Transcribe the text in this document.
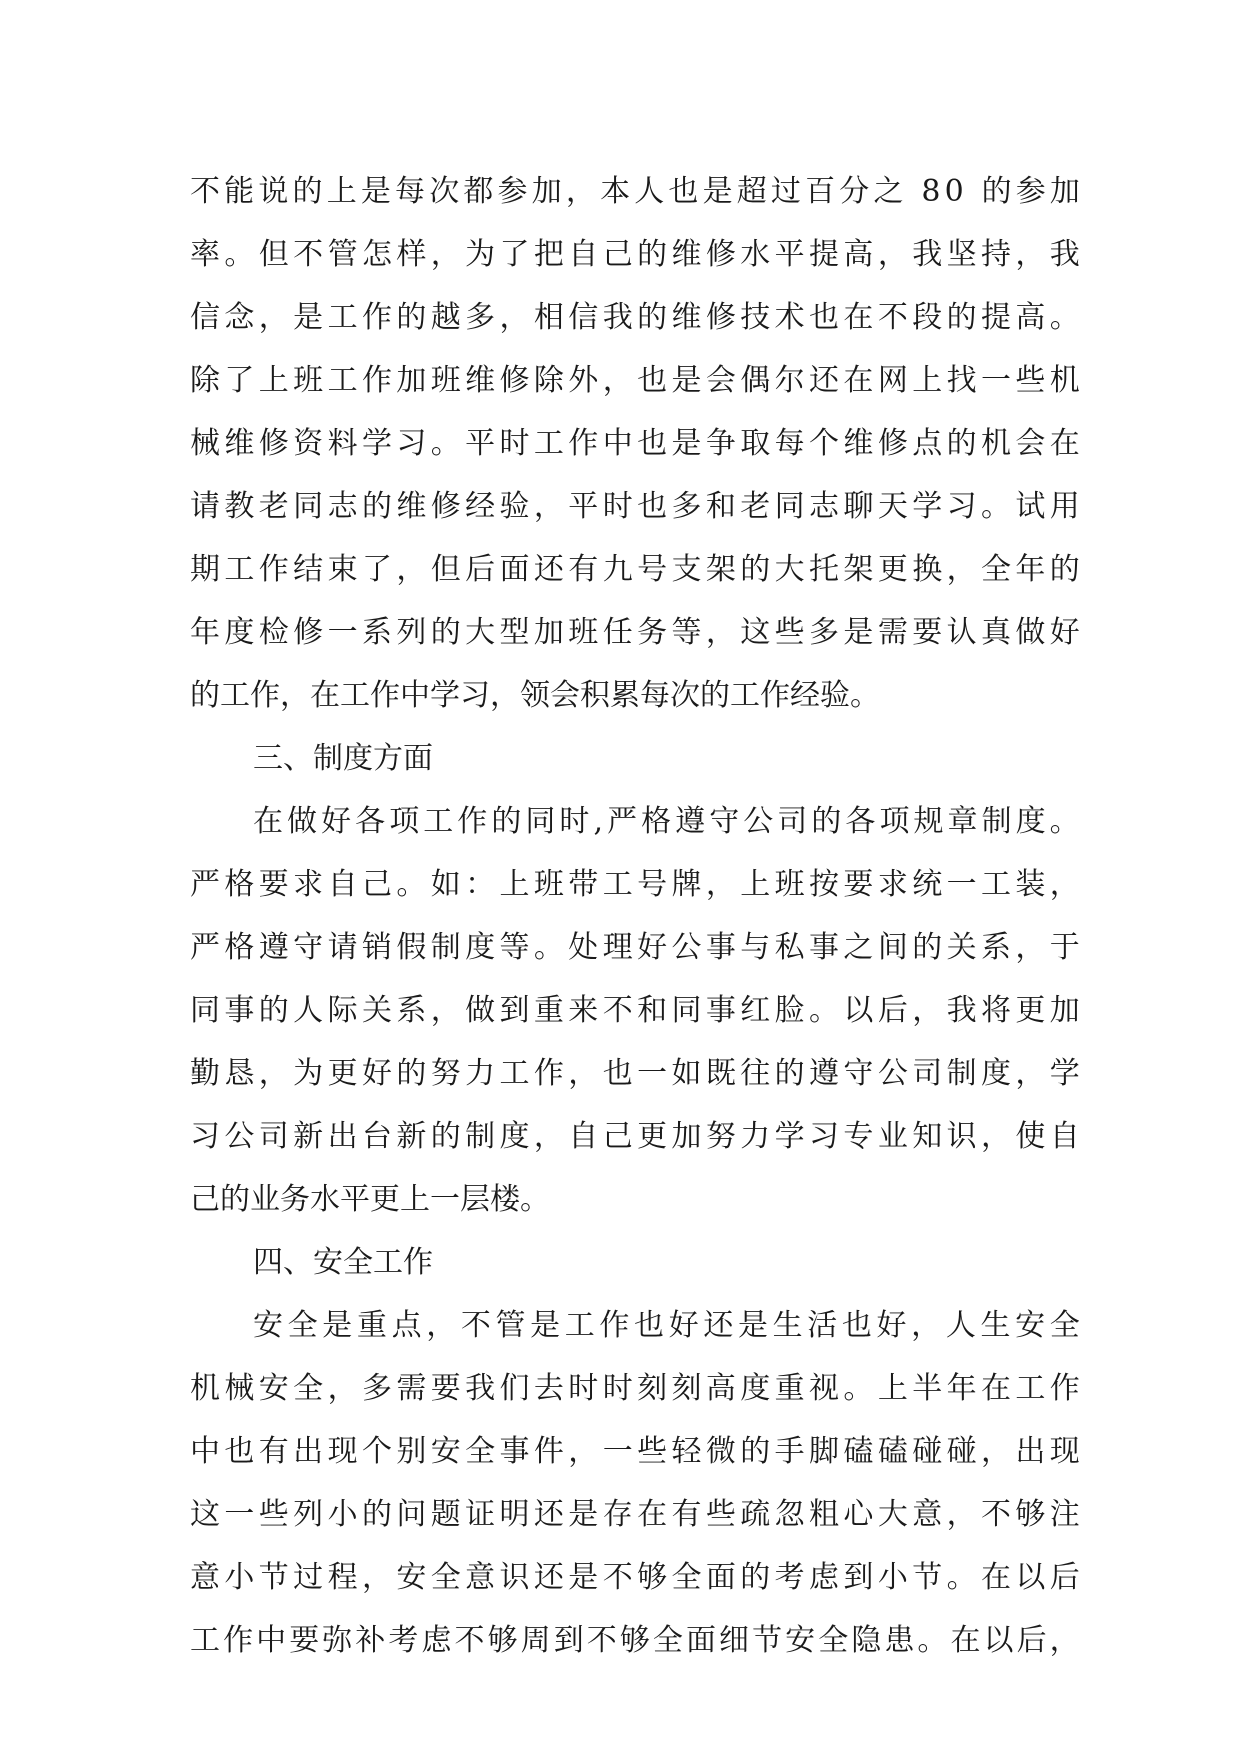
不 能 说 的 上 是 每 次 都 参 加 ， 本 人 也 是 超 过 百 分 之
8 0
的 参 加
率 。 但 不 管 怎 样 ， 为 了 把 自 己 的 维 修 水 平 提 高 ， 我 坚 持 ， 我
信 念 ， 是 工 作 的 越 多 ， 相 信 我 的 维 修 技 术 也 在 不 段 的 提 高 。
除 了 上 班 工 作 加 班 维 修 除 外 ， 也 是 会 偶 尔 还 在 网 上 找 一 些 机
械 维 修 资 料 学 习 。 平 时 工 作 中 也 是 争 取 每 个 维 修 点 的 机 会 在
请 教 老 同 志 的 维 修 经 验 ， 平 时 也 多 和 老 同 志 聊 天 学 习 。 试 用
期 工 作 结 束 了 ， 但 后 面 还 有 九 号 支 架 的 大 托 架 更 换 ， 全 年 的
年 度 检 修 一 系 列 的 大 型 加 班 任 务 等 ， 这 些 多 是 需 要 认 真 做 好
的工作，在工作中学习，领会积累每次的工作经验。
三、制度方面
在 做 好 各 项 工 作 的 同 时 , 严 格 遵 守 公 司 的 各 项 规 章 制 度 。
严 格 要 求 自 己 。 如 ： 上 班 带 工 号 牌 ， 上 班 按 要 求 统 一 工 装 ，
严 格 遵 守 请 销 假 制 度 等 。 处 理 好 公 事 与 私 事 之 间 的 关 系 ， 于
同 事 的 人 际 关 系 ， 做 到 重 来 不 和 同 事 红 脸 。 以 后 ， 我 将 更 加
勤 恳 ， 为 更 好 的 努 力 工 作 ， 也 一 如 既 往 的 遵 守 公 司 制 度 ， 学
习 公 司 新 出 台 新 的 制 度 ， 自 己 更 加 努 力 学 习 专 业 知 识 ， 使 自
己的业务水平更上一层楼。
四、安全工作
安 全 是 重 点 ， 不 管 是 工 作 也 好 还 是 生 活 也 好 ， 人 生 安 全
机 械 安 全 ， 多 需 要 我 们 去 时 时 刻 刻 高 度 重 视 。 上 半 年 在 工 作
中 也 有 出 现 个 别 安 全 事 件 ， 一 些 轻 微 的 手 脚 磕 磕 碰 碰 ， 出 现
这 一 些 列 小 的 问 题 证 明 还 是 存 在 有 些 疏 忽 粗 心 大 意 ， 不 够 注
意 小 节 过 程 ， 安 全 意 识 还 是 不 够 全 面 的 考 虑 到 小 节 。 在 以 后
工 作 中 要 弥 补 考 虑 不 够 周 到 不 够 全 面 细 节 安 全 隐 患 。 在 以 后 ，
